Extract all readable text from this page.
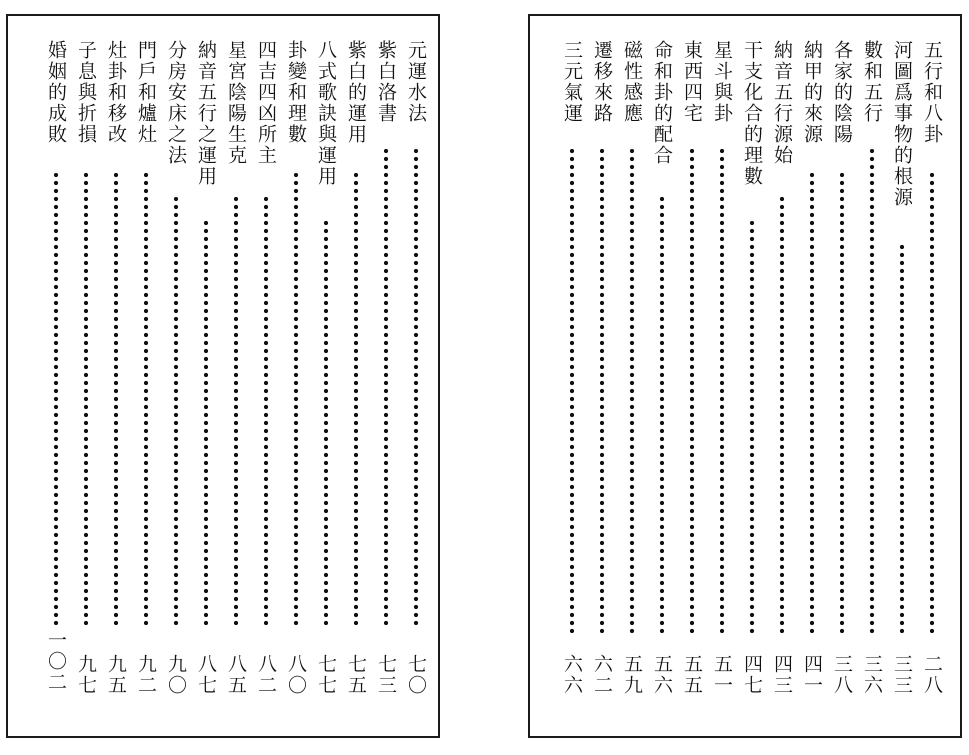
元運水法
七〇
紫白洛書
七三
紫白的運用
七五
八式歌訣與運用
七七
卦變和理數
八〇
四吉四凶所主
八二
星宮陰陽生克
八五
納音五行之運用
八七
分房安床之法
九〇
門戶和爐灶
九二
灶卦和移改
九五
子息與折損
九七
婚姻的成敗
一〇二
五行和八卦
二八
河圖爲事物的根源
三三
數和五行
三六
各家的陰陽
三八
納甲的來源
四一
納音五行源始
四三
干支化合的理數
四七
星斗與卦
五一
東西四宅
五五
命和卦的配合
五六
磁性感應
五九
遷移來路
六二
三元氣運
六六
